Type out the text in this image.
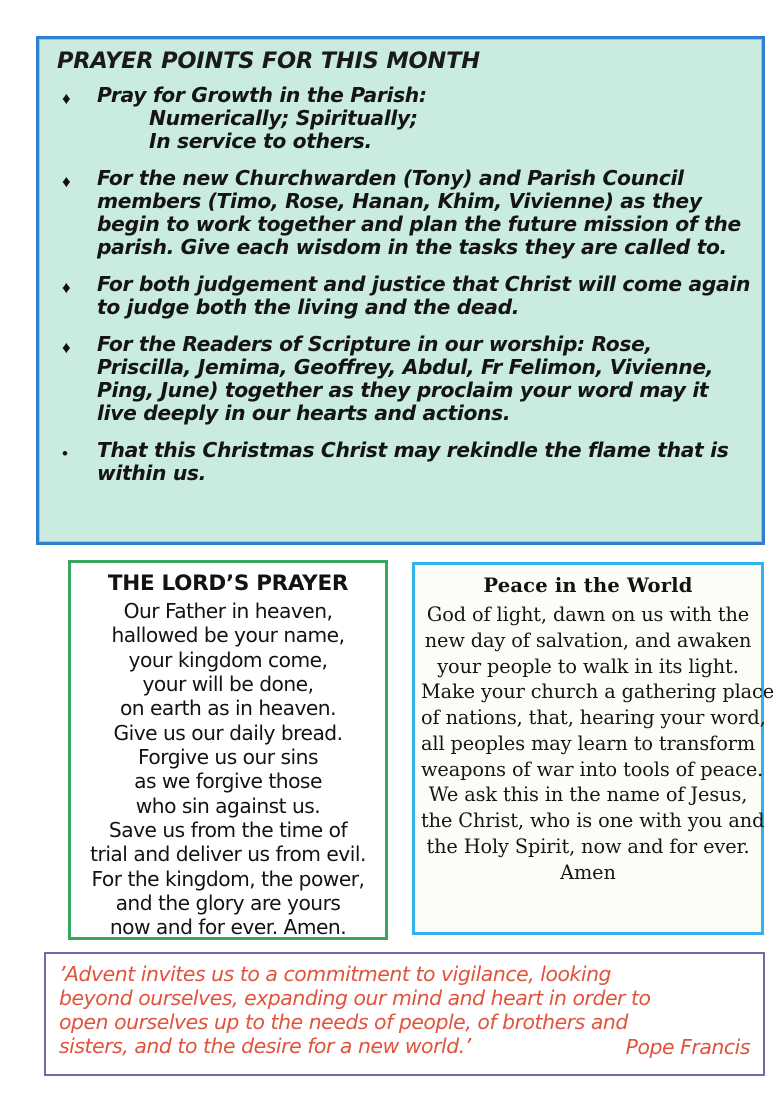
PRAYER POINTS FOR THIS MONTH
♦	Pray for Growth in the Parish:
Numerically; Spiritually;
In service to others.
♦	For the new Churchwarden (Tony) and Parish Council members (Timo, Rose, Hanan, Khim, Vivienne) as they begin to work together and plan the future mission of the parish. Give each wisdom in the tasks they are called to.
♦	For both judgement and justice that Christ will come again to judge both the living and the dead.
♦	For the Readers of Scripture in our worship: Rose, Priscilla, Jemima, Geoffrey, Abdul, Fr Felimon, Vivienne, Ping, June) together as they proclaim your word may it live deeply in our hearts and actions.
•	That this Christmas Christ may rekindle the flame that is within us.
THE LORD’S PRAYER
Our Father in heaven,
hallowed be your name,
your kingdom come,
your will be done,
on earth as in heaven.
Give us our daily bread.
Forgive us our sins
as we forgive those
who sin against us.
Save us from the time of
trial and deliver us from evil.
For the kingdom, the power,
and the glory are yours
now and for ever. Amen.
Peace in the World
God of light, dawn on us with the
new day of salvation, and awaken
your people to walk in its light.
Make your church a gathering place
of nations, that, hearing your word,
all peoples may learn to transform
weapons of war into tools of peace.
We ask this in the name of Jesus,
the Christ, who is one with you and
the Holy Spirit, now and for ever.
Amen
’Advent invites us to a commitment to vigilance, looking
beyond ourselves, expanding our mind and heart in order to
open ourselves up to the needs of people, of brothers and
sisters, and to the desire for a new world.’	Pope Francis
